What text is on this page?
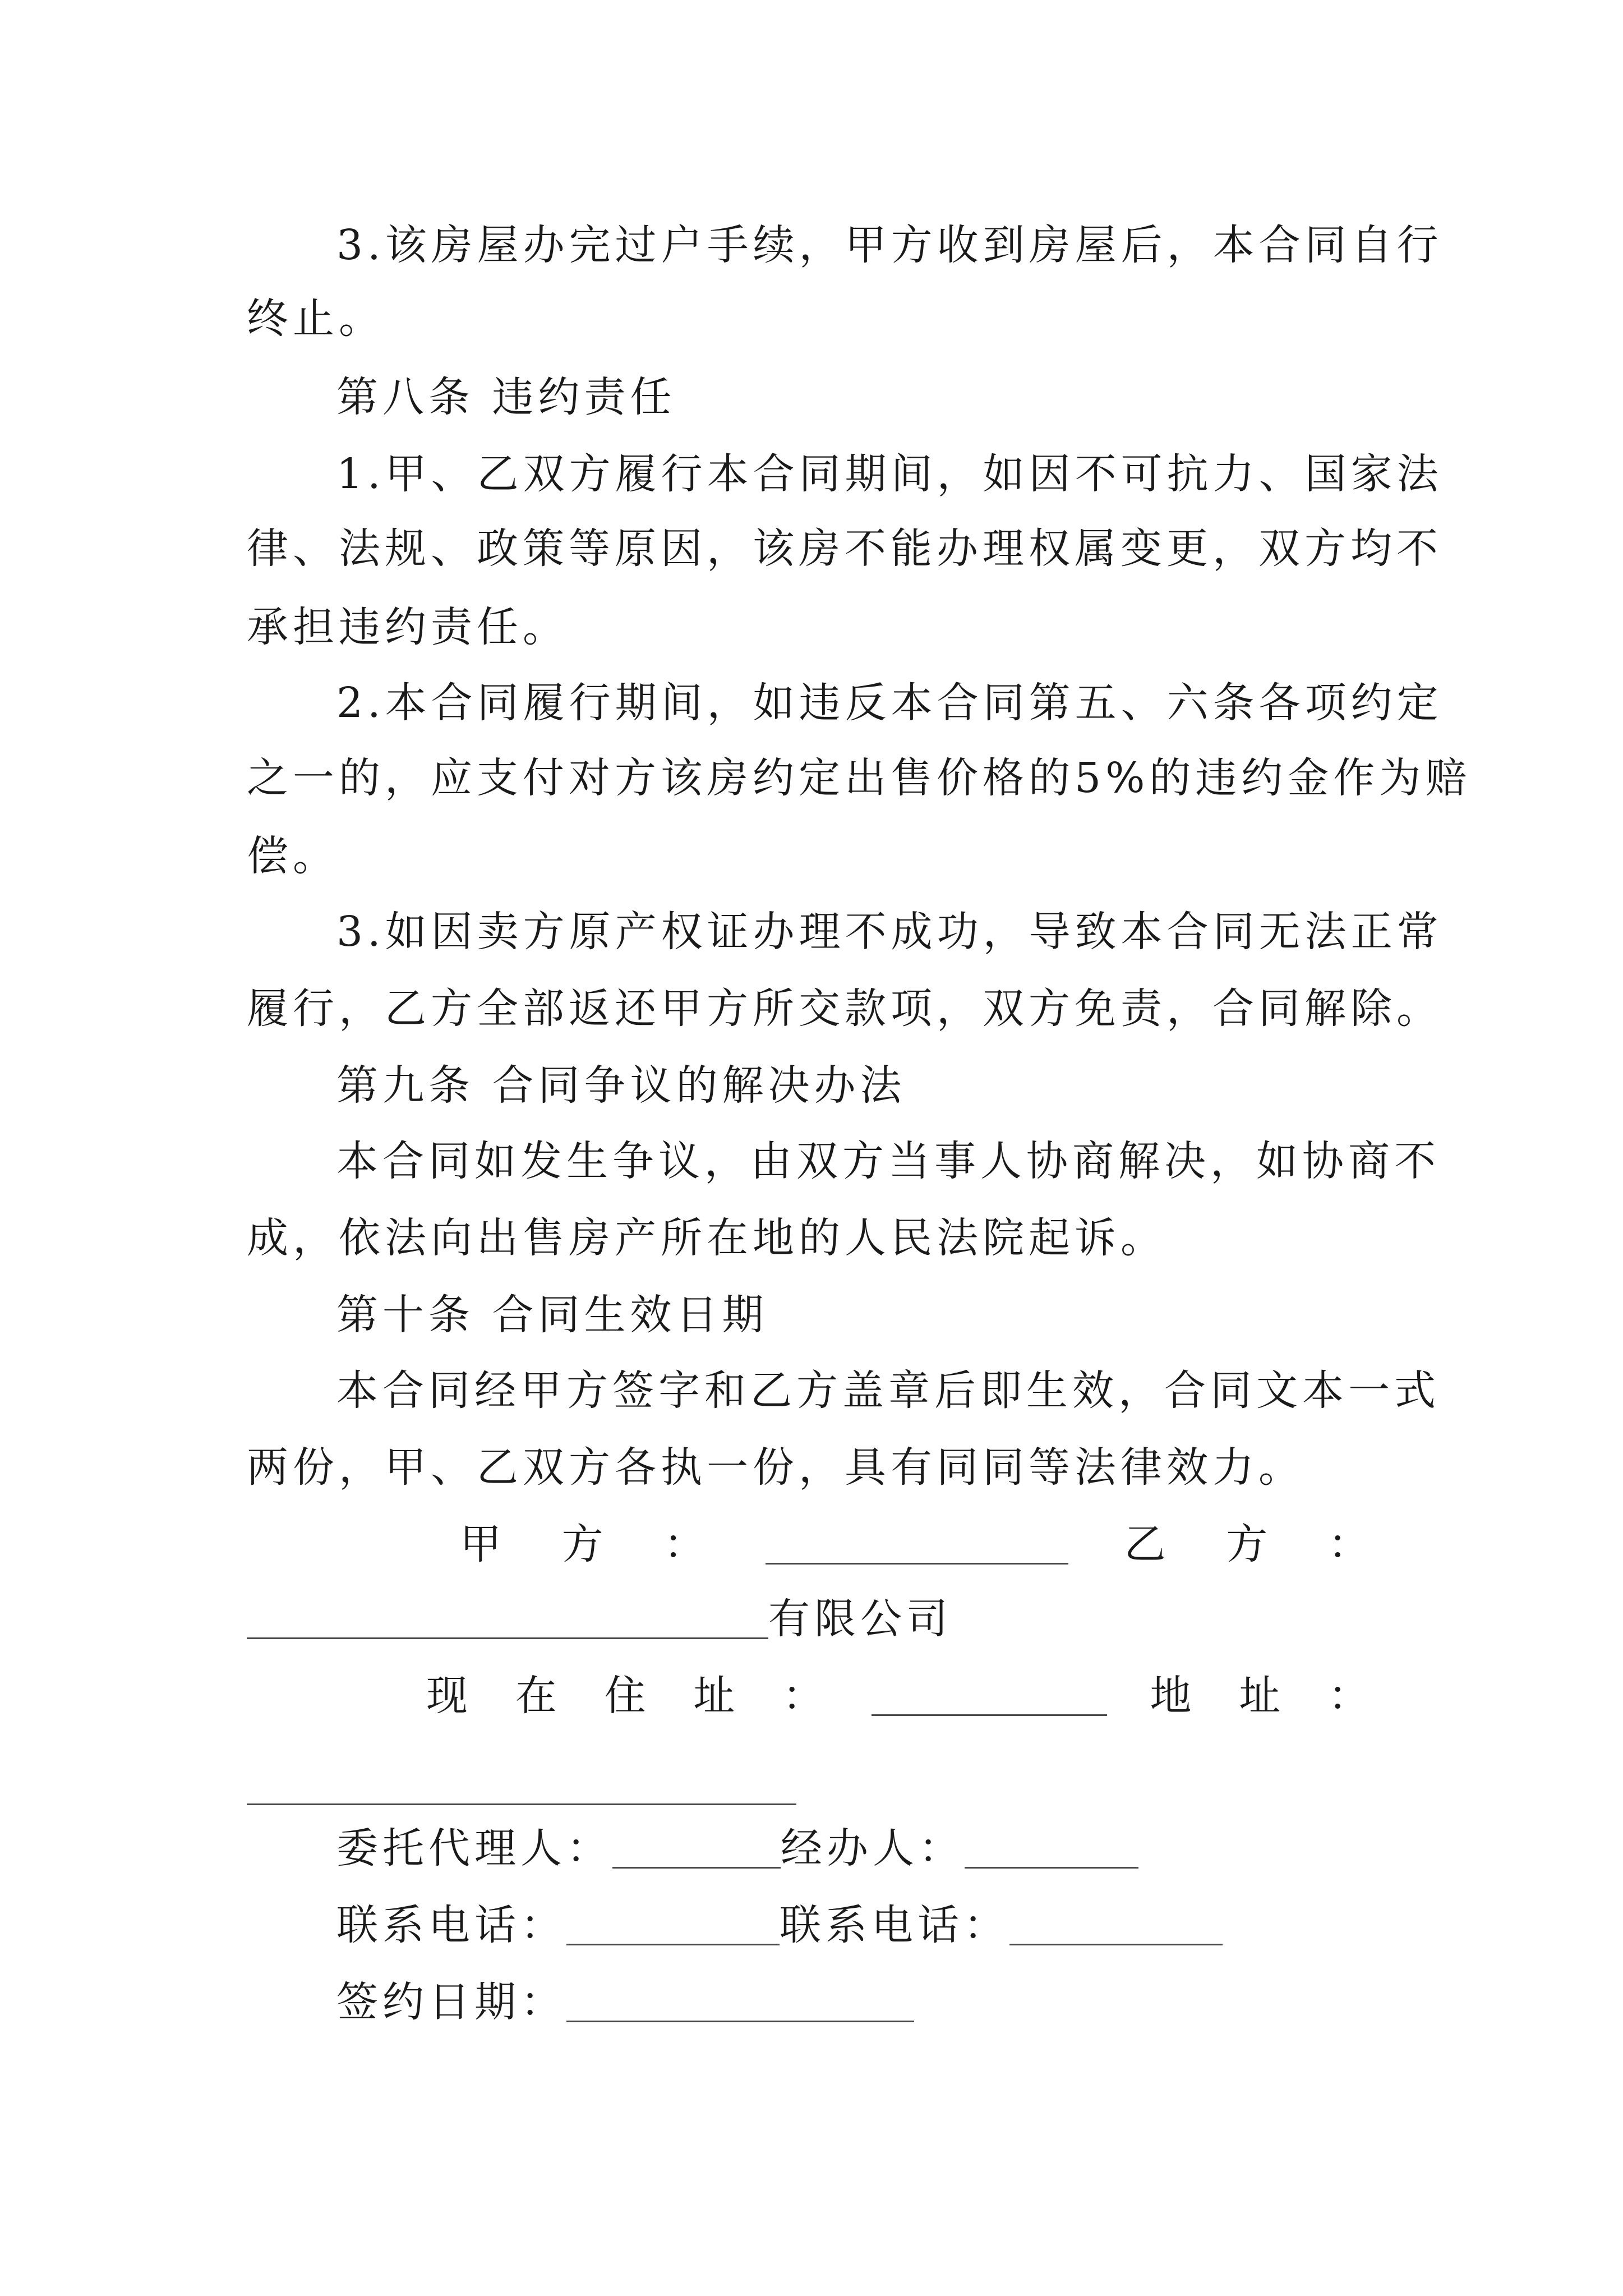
3.该房屋办完过户手续，甲方收到房屋后，本合同自行
终止。
第八条 违约责任
1.甲、乙双方履行本合同期间，如因不可抗力、国家法
律、法规、政策等原因，该房不能办理权属变更，双方均不
承担违约责任。
2.本合同履行期间，如违反本合同第五、六条各项约定
之一的，应支付对方该房约定出售价格的5%的违约金作为赔
偿。
3.如因卖方原产权证办理不成功，导致本合同无法正常
履行，乙方全部返还甲方所交款项，双方免责，合同解除。
第九条 合同争议的解决办法
本合同如发生争议，由双方当事人协商解决，如协商不
成，依法向出售房产所在地的人民法院起诉。
第十条 合同生效日期
本合同经甲方签字和乙方盖章后即生效，合同文本一式
两份，甲、乙双方各执一份，具有同同等法律效力。
甲 方 ：	乙 方 ：
有限公司
现 在 住 址 ：	地 址 ：
委托代理人：	经办人：
联系电话：	联系电话：
签约日期：
